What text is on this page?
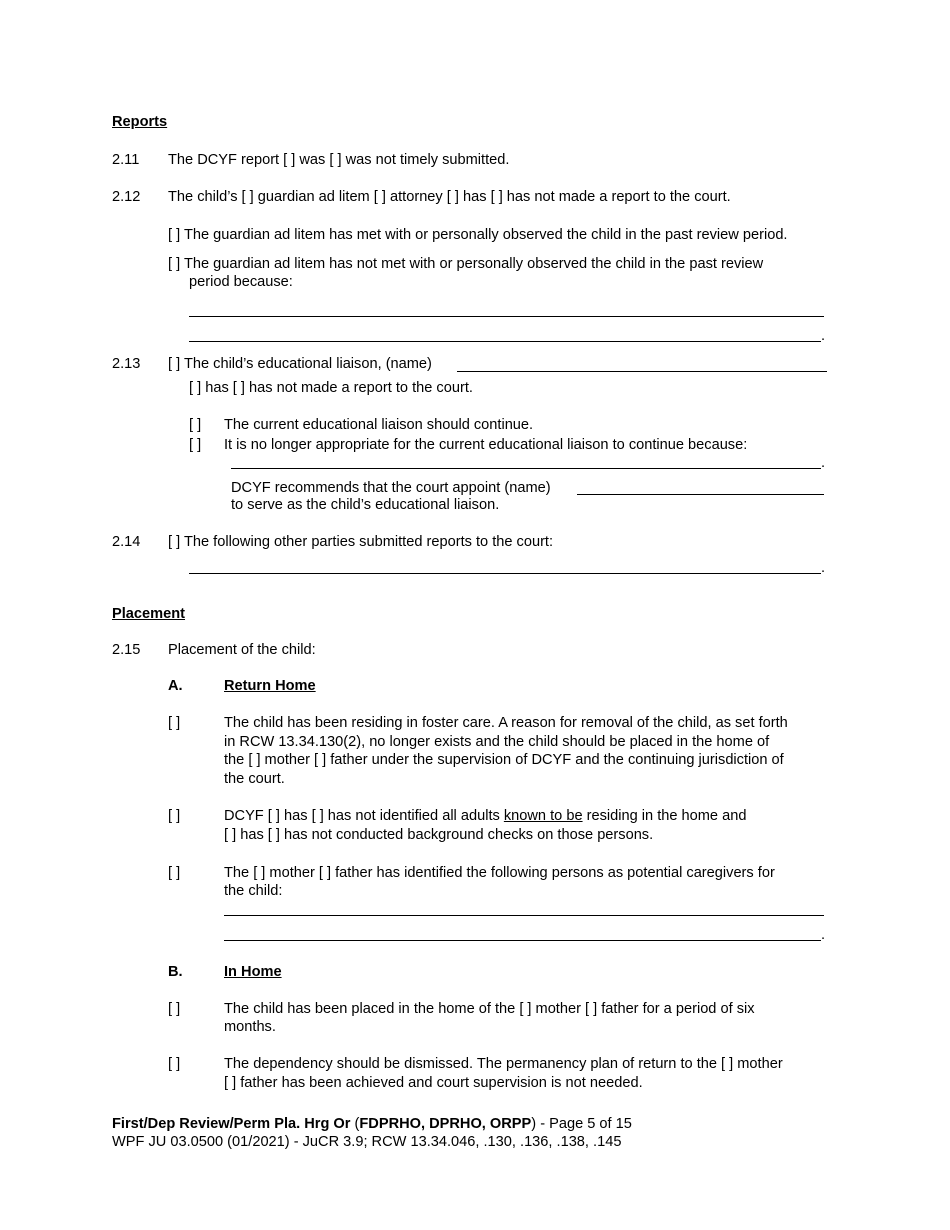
Reports
2.11 The DCYF report [ ] was [ ] was not timely submitted.
2.12 The child’s [ ] guardian ad litem [ ] attorney [ ] has [ ] has not made a report to the court.
[ ] The guardian ad litem has met with or personally observed the child in the past review period.
[ ] The guardian ad litem has not met with or personally observed the child in the past review
period because:
.
2.13 [ ] The child’s educational liaison, (name)
[ ] has [ ] has not made a report to the court.
[ ] The current educational liaison should continue.
[ ] It is no longer appropriate for the current educational liaison to continue because:
.
DCYF recommends that the court appoint (name)
to serve as the child’s educational liaison.
2.14 [ ] The following other parties submitted reports to the court:
.
Placement
2.15 Placement of the child:
A.	Return Home
[ ]	The child has been residing in foster care. A reason for removal of the child, as set forth
in RCW 13.34.130(2), no longer exists and the child should be placed in the home of
the [ ] mother [ ] father under the supervision of DCYF and the continuing jurisdiction of
the court.
[ ]	DCYF [ ] has [ ] has not identified all adults known to be residing in the home and
[ ] has [ ] has not conducted background checks on those persons.
[ ]	The [ ] mother [ ] father has identified the following persons as potential caregivers for
the child:
.
B.	In Home
[ ]	The child has been placed in the home of the [ ] mother [ ] father for a period of six
months.
[ ]	The dependency should be dismissed. The permanency plan of return to the [ ] mother
[ ] father has been achieved and court supervision is not needed.
First/Dep Review/Perm Pla. Hrg Or (FDPRHO, DPRHO, ORPP) - Page 5 of 15
WPF JU 03.0500 (01/2021) - JuCR 3.9; RCW 13.34.046, .130, .136, .138, .145
